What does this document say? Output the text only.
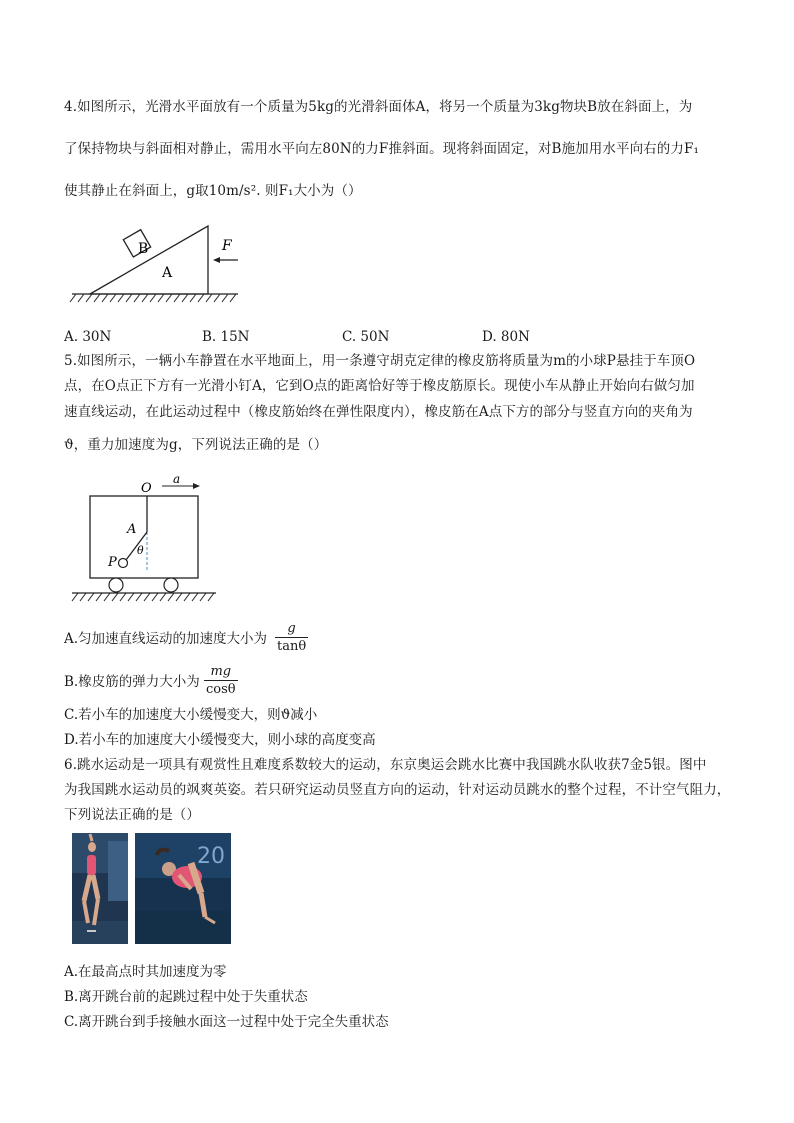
4.如图所示，光滑水平面放有一个质量为5kg的光滑斜面体A，将另一个质量为3kg物块B放在斜面上，为
了保持物块与斜面相对静止，需用水平向左80N的力F推斜面。现将斜面固定，对B施加用水平向右的力F₁
使其静止在斜面上，g取10m/s². 则F₁大小为（）
B
A
F
A. 30N	B. 15N	C. 50N	D. 80N
5.如图所示，一辆小车静置在水平地面上，用一条遵守胡克定律的橡皮筋将质量为m的小球P悬挂于车顶O
点，在O点正下方有一光滑小钉A，它到O点的距离恰好等于橡皮筋原长。现使小车从静止开始向右做匀加
速直线运动，在此运动过程中（橡皮筋始终在弹性限度内），橡皮筋在A点下方的部分与竖直方向的夹角为
ϑ，重力加速度为g，下列说法正确的是（）
O
a
A
P
θ
A.匀加速直线运动的加速度大小为
g
tanθ
B.橡皮筋的弹力大小为
mg
cosθ
C.若小车的加速度大小缓慢变大，则ϑ减小
D.若小车的加速度大小缓慢变大，则小球的高度变高
6.跳水运动是一项具有观赏性且难度系数较大的运动，东京奥运会跳水比赛中我国跳水队收获7金5银。图中
为我国跳水运动员的飒爽英姿。若只研究运动员竖直方向的运动，针对运动员跳水的整个过程，不计空气阻力，
下列说法正确的是（）
20
A.在最高点时其加速度为零
B.离开跳台前的起跳过程中处于失重状态
C.离开跳台到手接触水面这一过程中处于完全失重状态
